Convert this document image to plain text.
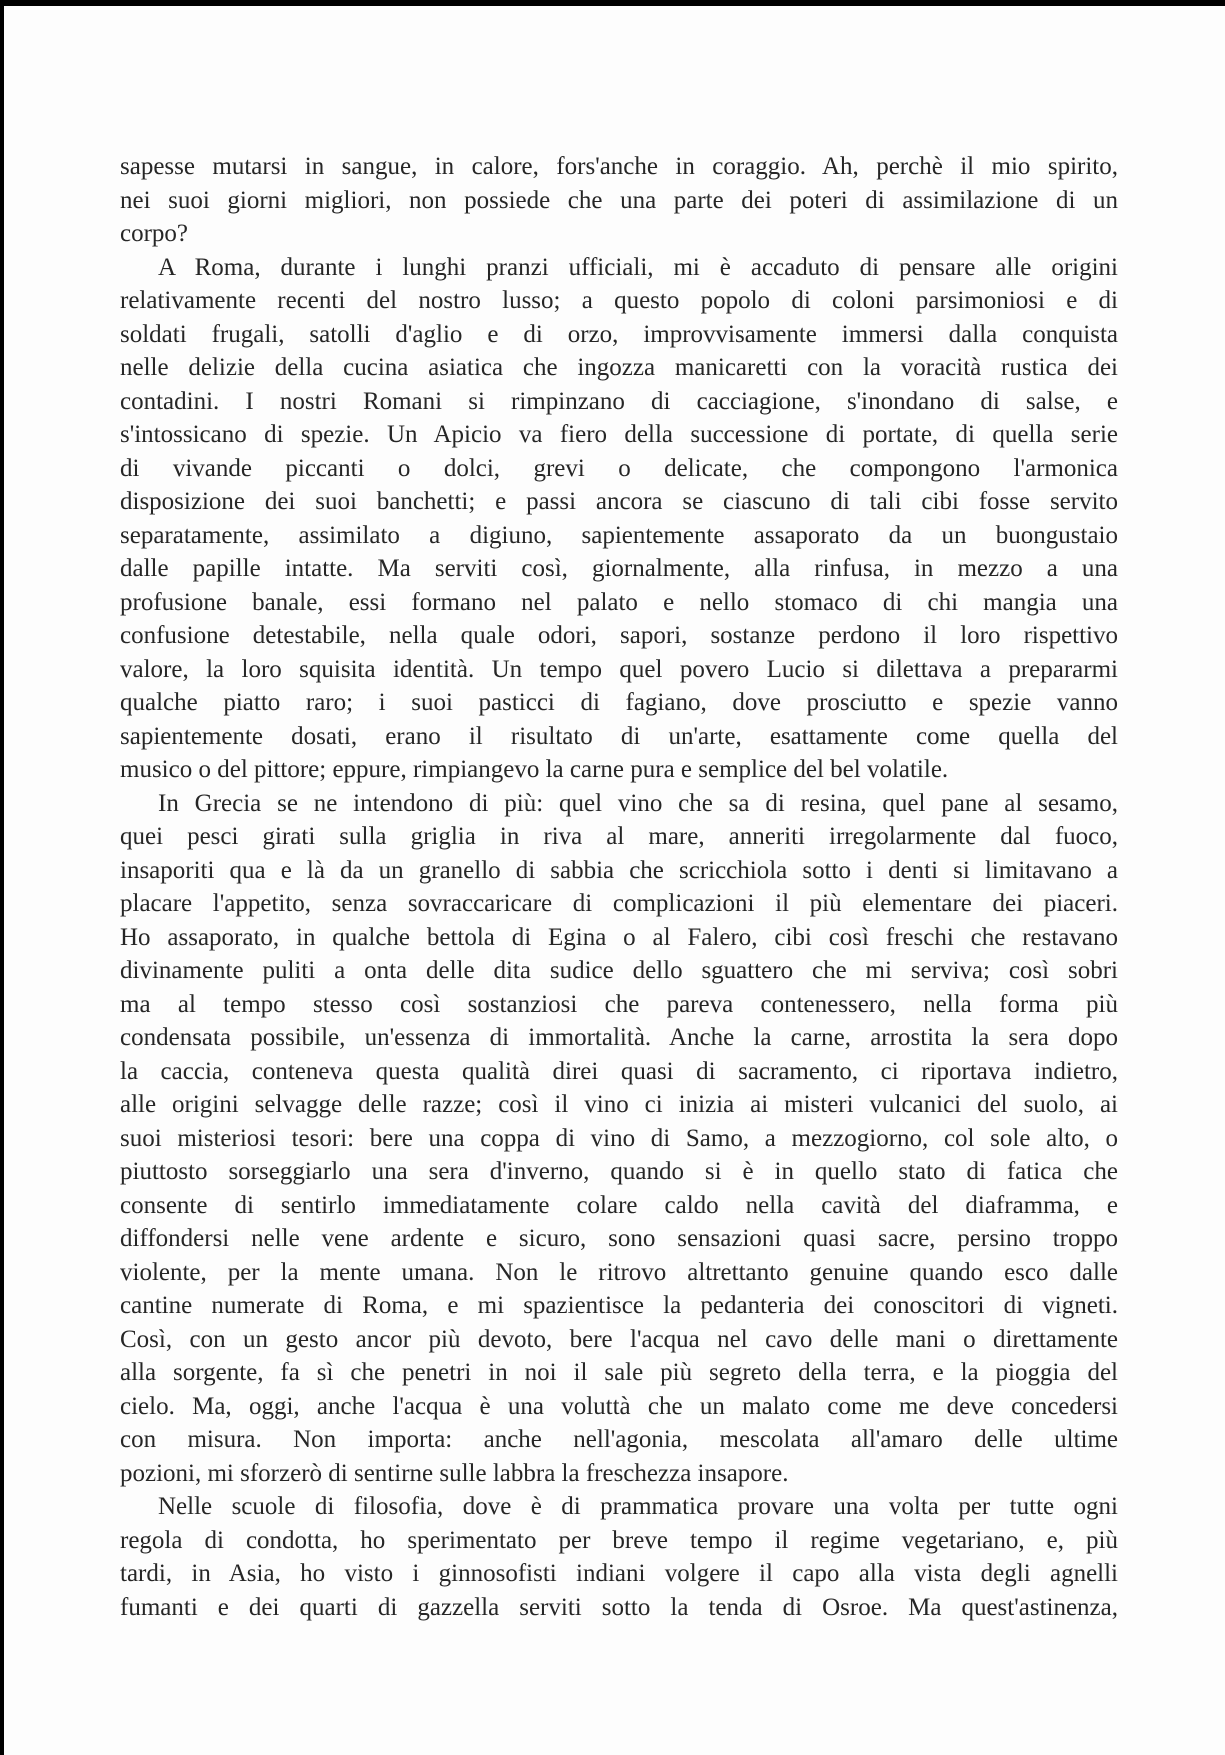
sapesse mutarsi in sangue, in calore, fors'anche in coraggio. Ah, perchè il mio spirito,
nei suoi giorni migliori, non possiede che una parte dei poteri di assimilazione di un
corpo?
A Roma, durante i lunghi pranzi ufficiali, mi è accaduto di pensare alle origini
relativamente recenti del nostro lusso; a questo popolo di coloni parsimoniosi e di
soldati frugali, satolli d'aglio e di orzo, improvvisamente immersi dalla conquista
nelle delizie della cucina asiatica che ingozza manicaretti con la voracità rustica dei
contadini. I nostri Romani si rimpinzano di cacciagione, s'inondano di salse, e
s'intossicano di spezie. Un Apicio va fiero della successione di portate, di quella serie
di vivande piccanti o dolci, grevi o delicate, che compongono l'armonica
disposizione dei suoi banchetti; e passi ancora se ciascuno di tali cibi fosse servito
separatamente, assimilato a digiuno, sapientemente assaporato da un buongustaio
dalle papille intatte. Ma serviti così, giornalmente, alla rinfusa, in mezzo a una
profusione banale, essi formano nel palato e nello stomaco di chi mangia una
confusione detestabile, nella quale odori, sapori, sostanze perdono il loro rispettivo
valore, la loro squisita identità. Un tempo quel povero Lucio si dilettava a prepararmi
qualche piatto raro; i suoi pasticci di fagiano, dove prosciutto e spezie vanno
sapientemente dosati, erano il risultato di un'arte, esattamente come quella del
musico o del pittore; eppure, rimpiangevo la carne pura e semplice del bel volatile.
In Grecia se ne intendono di più: quel vino che sa di resina, quel pane al sesamo,
quei pesci girati sulla griglia in riva al mare, anneriti irregolarmente dal fuoco,
insaporiti qua e là da un granello di sabbia che scricchiola sotto i denti si limitavano a
placare l'appetito, senza sovraccaricare di complicazioni il più elementare dei piaceri.
Ho assaporato, in qualche bettola di Egina o al Falero, cibi così freschi che restavano
divinamente puliti a onta delle dita sudice dello sguattero che mi serviva; così sobri
ma al tempo stesso così sostanziosi che pareva contenessero, nella forma più
condensata possibile, un'essenza di immortalità. Anche la carne, arrostita la sera dopo
la caccia, conteneva questa qualità direi quasi di sacramento, ci riportava indietro,
alle origini selvagge delle razze; così il vino ci inizia ai misteri vulcanici del suolo, ai
suoi misteriosi tesori: bere una coppa di vino di Samo, a mezzogiorno, col sole alto, o
piuttosto sorseggiarlo una sera d'inverno, quando si è in quello stato di fatica che
consente di sentirlo immediatamente colare caldo nella cavità del diaframma, e
diffondersi nelle vene ardente e sicuro, sono sensazioni quasi sacre, persino troppo
violente, per la mente umana. Non le ritrovo altrettanto genuine quando esco dalle
cantine numerate di Roma, e mi spazientisce la pedanteria dei conoscitori di vigneti.
Così, con un gesto ancor più devoto, bere l'acqua nel cavo delle mani o direttamente
alla sorgente, fa sì che penetri in noi il sale più segreto della terra, e la pioggia del
cielo. Ma, oggi, anche l'acqua è una voluttà che un malato come me deve concedersi
con misura. Non importa: anche nell'agonia, mescolata all'amaro delle ultime
pozioni, mi sforzerò di sentirne sulle labbra la freschezza insapore.
Nelle scuole di filosofia, dove è di prammatica provare una volta per tutte ogni
regola di condotta, ho sperimentato per breve tempo il regime vegetariano, e, più
tardi, in Asia, ho visto i ginnosofisti indiani volgere il capo alla vista degli agnelli
fumanti e dei quarti di gazzella serviti sotto la tenda di Osroe. Ma quest'astinenza,
